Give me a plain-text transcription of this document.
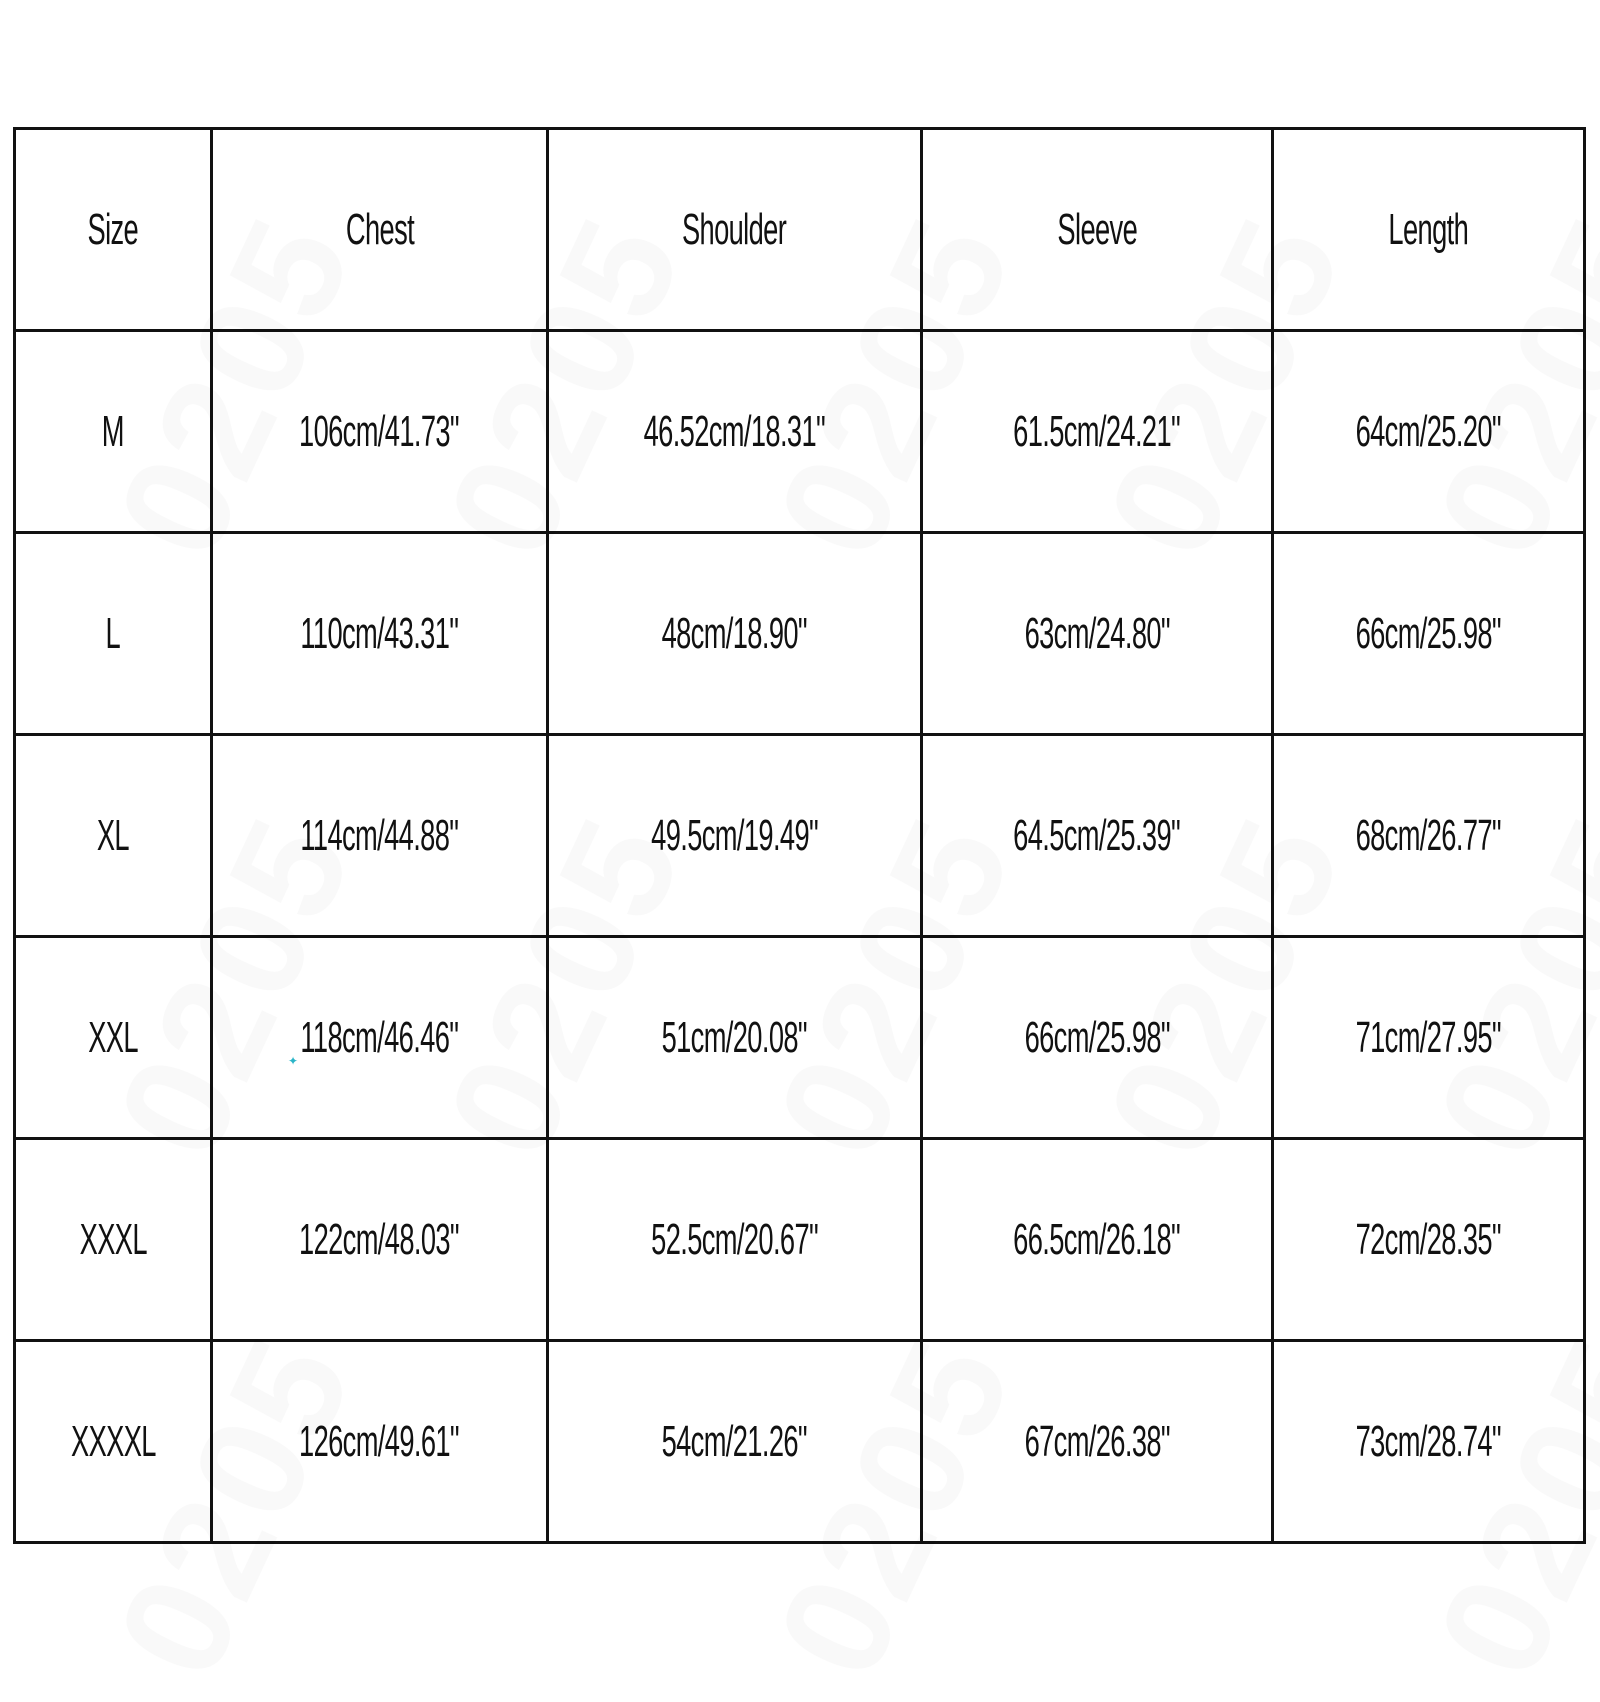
Size	Chest	Shoulder	Sleeve	Length
M	106cm/41.73"	46.52cm/18.31"	61.5cm/24.21"	64cm/25.20"
L	110cm/43.31"	48cm/18.90"	63cm/24.80"	66cm/25.98"
XL	114cm/44.88"	49.5cm/19.49"	64.5cm/25.39"	68cm/26.77"
XXL	118cm/46.46"	51cm/20.08"	66cm/25.98"	71cm/27.95"
XXXL	122cm/48.03"	52.5cm/20.67"	66.5cm/26.18"	72cm/28.35"
XXXXL	126cm/49.61"	54cm/21.26"	67cm/26.38"	73cm/28.74"
✦
